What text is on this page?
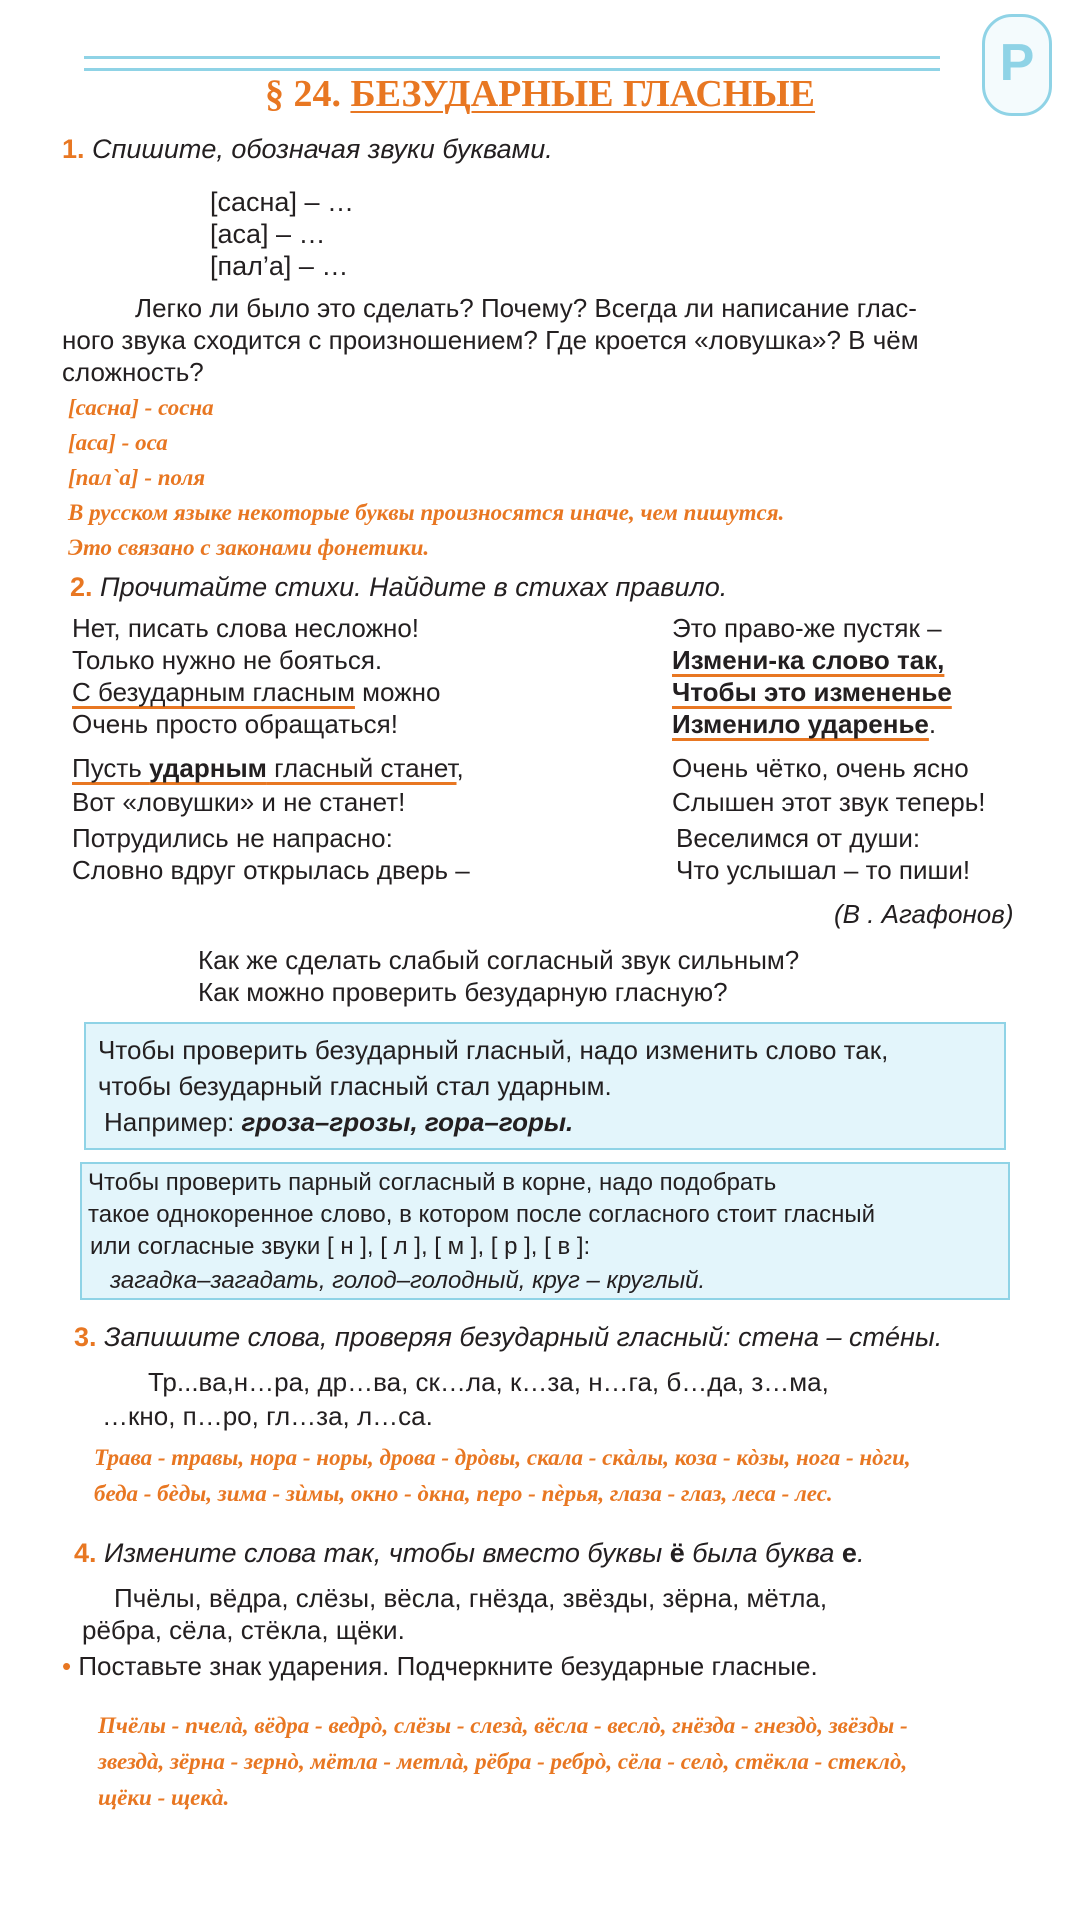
Р
§ 24. БЕЗУДАРНЫЕ ГЛАСНЫЕ
1. Спишите, обозначая звуки буквами.
[сасна] – …
[аса] – …
[пал’а] – …
Легко ли было это сделать? Почему? Всегда ли написание глас-
ного звука сходится с произношением? Где кроется «ловушка»? В чём
сложность?
[сасна] - сосна
[аса] - оса
[пал`а] - поля
В русском языке некоторые буквы произносятся иначе, чем пишутся.
Это связано с законами фонетики.
2. Прочитайте стихи. Найдите в стихах правило.
Нет, писать слова несложно!
Только нужно не бояться.
С безударным гласным можно
Очень просто обращаться!
Пусть ударным гласный станет,
Вот «ловушки» и не станет!
Потрудились не напрасно:
Словно вдруг открылась дверь –
Это право-же пустяк –
Измени-ка слово так,
Чтобы это измененье
Изменило ударенье.
Очень чётко, очень ясно
Слышен этот звук теперь!
Веселимся от души:
Что услышал – то пиши!
(В . Агафонов)
Как же сделать слабый согласный звук сильным?
Как можно проверить безударную гласную?
Чтобы проверить безударный гласный, надо изменить слово так,
чтобы безударный гласный стал ударным.
Например: гроза–грозы, гора–горы.
Чтобы проверить парный согласный в корне, надо подобрать
такое однокоренное слово, в котором после согласного стоит гласный
или согласные звуки [ н ], [ л ], [ м ], [ р ], [ в ]:
загадка–загадать, голод–голодный, круг – круглый.
3. Запишите слова, проверяя безударный гласный: стена – стéны.
Тр...ва,н…ра, др…ва, ск…ла, к…за, н…га, б…да, з…ма,
…кно, п…ро, гл…за, л…са.
Трава - травы, нора - норы, дрова - дрòвы, скала - скàлы, коза - кòзы, нога - нòги,
беда - бèды, зима - зѝмы, окно - òкна, перо - пѐрья, глаза - глаз, леса - лес.
4. Измените слова так, чтобы вместо буквы ё была буква е.
Пчёлы, вёдра, слёзы, вёсла, гнёзда, звёзды, зёрна, мётла,
рёбра, сёла, стёкла, щёки.
• Поставьте знак ударения. Подчеркните безударные гласные.
Пчёлы - пчелà, вёдра - ведрò, слёзы - слезà, вёсла - веслò, гнёзда - гнездò, звёзды -
звездà, зёрна - зернò, мётла - метлà, рёбра - ребрò, сёла - селò, стёкла - стеклò,
щёки - щекà.
